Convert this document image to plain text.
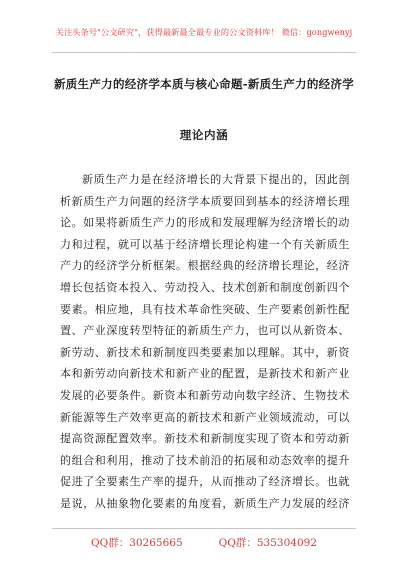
关注头条号"公文研究"，获得最新最全最专业的公文资料库！ 微信：gongwenyj
新质生产力的经济学本质与核心命题-新质生产力的经济学
理论内涵

新质生产力是在经济增长的大背景下提出的，因此剖析新质生产力问题的经济学本质要回到基本的经济增长理论。如果将新质生产力的形成和发展理解为经济增长的动力和过程，就可以基于经济增长理论构建一个有关新质生产力的经济学分析框架。根据经典的经济增长理论，经济增长包括资本投入、劳动投入、技术创新和制度创新四个要素。相应地，具有技术革命性突破、生产要素创新性配置、产业深度转型特征的新质生产力，也可以从新资本、新劳动、新技术和新制度四类要素加以理解。其中，新资本和新劳动向新技术和新产业的配置，是新技术和新产业发展的必要条件。新资本和新劳动向数字经济、生物技术新能源等生产效率更高的新技术和新产业领域流动，可以提高资源配置效率。新技术和新制度实现了资本和劳动新的组合和利用，推动了技术前沿的拓展和动态效率的提升促进了全要素生产率的提升，从而推动了经济增长。也就是说，从抽象物化要素的角度看，新质生产力发展的经济

QQ群：30265665	QQ群：535304092
